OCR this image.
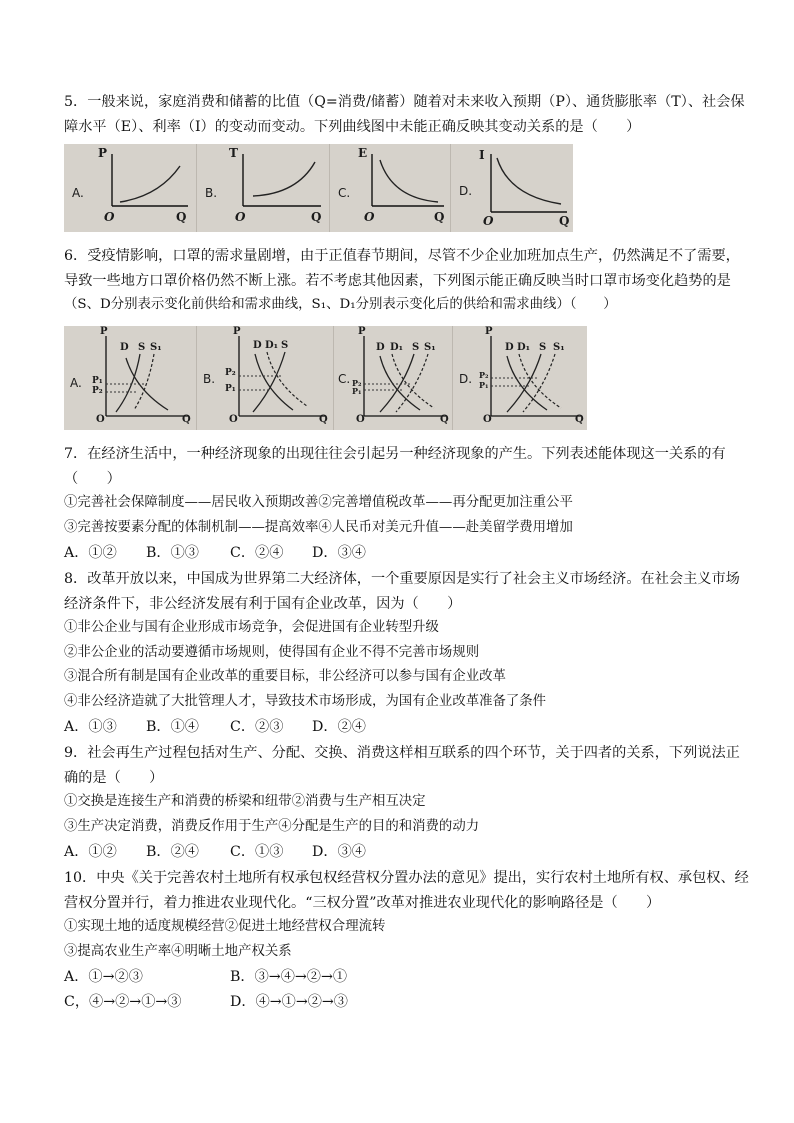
5．一般来说，家庭消费和储蓄的比值（Q=消费/储蓄）随着对未来收入预期（P）、通货膨胀率（T）、社会保
障水平（E）、利率（I）的变动而变动。下列曲线图中未能正确反映其变动关系的是（　　）
A.
P
O	Q
B.
T
O	Q
C.
E
O	Q
D.
I
O	Q
6．受疫情影响，口罩的需求量剧增，由于正值春节期间，尽管不少企业加班加点生产，仍然满足不了需要，
导致一些地方口罩价格仍然不断上涨。若不考虑其他因素，下列图示能正确反映当时口罩市场变化趋势的是
（S、D分别表示变化前供给和需求曲线，S₁、D₁分别表示变化后的供给和需求曲线）（　　）
A.
P
Q
O
D S S₁
P₁
P₂
B.
P
Q
O
D D₁ S
P₂
P₁
C.
P
Q
O
D D₁ S S₁
P₂
P₁
D.
P
Q
O
D D₁ S S₁
P₂
P₁
7．在经济生活中，一种经济现象的出现往往会引起另一种经济现象的产生。下列表述能体现这一关系的有
（　　）
①完善社会保障制度——居民收入预期改善②完善增值税改革——再分配更加注重公平
③完善按要素分配的体制机制——提高效率④人民币对美元升值——赴美留学费用增加
A．①② B．①③ C．②④ D．③④
8．改革开放以来，中国成为世界第二大经济体，一个重要原因是实行了社会主义市场经济。在社会主义市场
经济条件下，非公经济发展有利于国有企业改革，因为（　　）
①非公企业与国有企业形成市场竞争，会促进国有企业转型升级
②非公企业的活动要遵循市场规则，使得国有企业不得不完善市场规则
③混合所有制是国有企业改革的重要目标，非公经济可以参与国有企业改革
④非公经济造就了大批管理人才，导致技术市场形成，为国有企业改革准备了条件
A．①③ B．①④ C．②③ D．②④
9．社会再生产过程包括对生产、分配、交换、消费这样相互联系的四个环节，关于四者的关系，下列说法正
确的是（　　）
①交换是连接生产和消费的桥梁和纽带②消费与生产相互决定
③生产决定消费，消费反作用于生产④分配是生产的目的和消费的动力
A．①② B．②④ C．①③ D．③④
10．中央《关于完善农村土地所有权承包权经营权分置办法的意见》提出，实行农村土地所有权、承包权、经
营权分置并行，着力推进农业现代化。“三权分置”改革对推进农业现代化的影响路径是（　　）
①实现土地的适度规模经营②促进土地经营权合理流转
③提高农业生产率④明晰土地产权关系
A．①→②③	B．③→④→②→①
C，④→②→①→③	D．④→①→②→③
